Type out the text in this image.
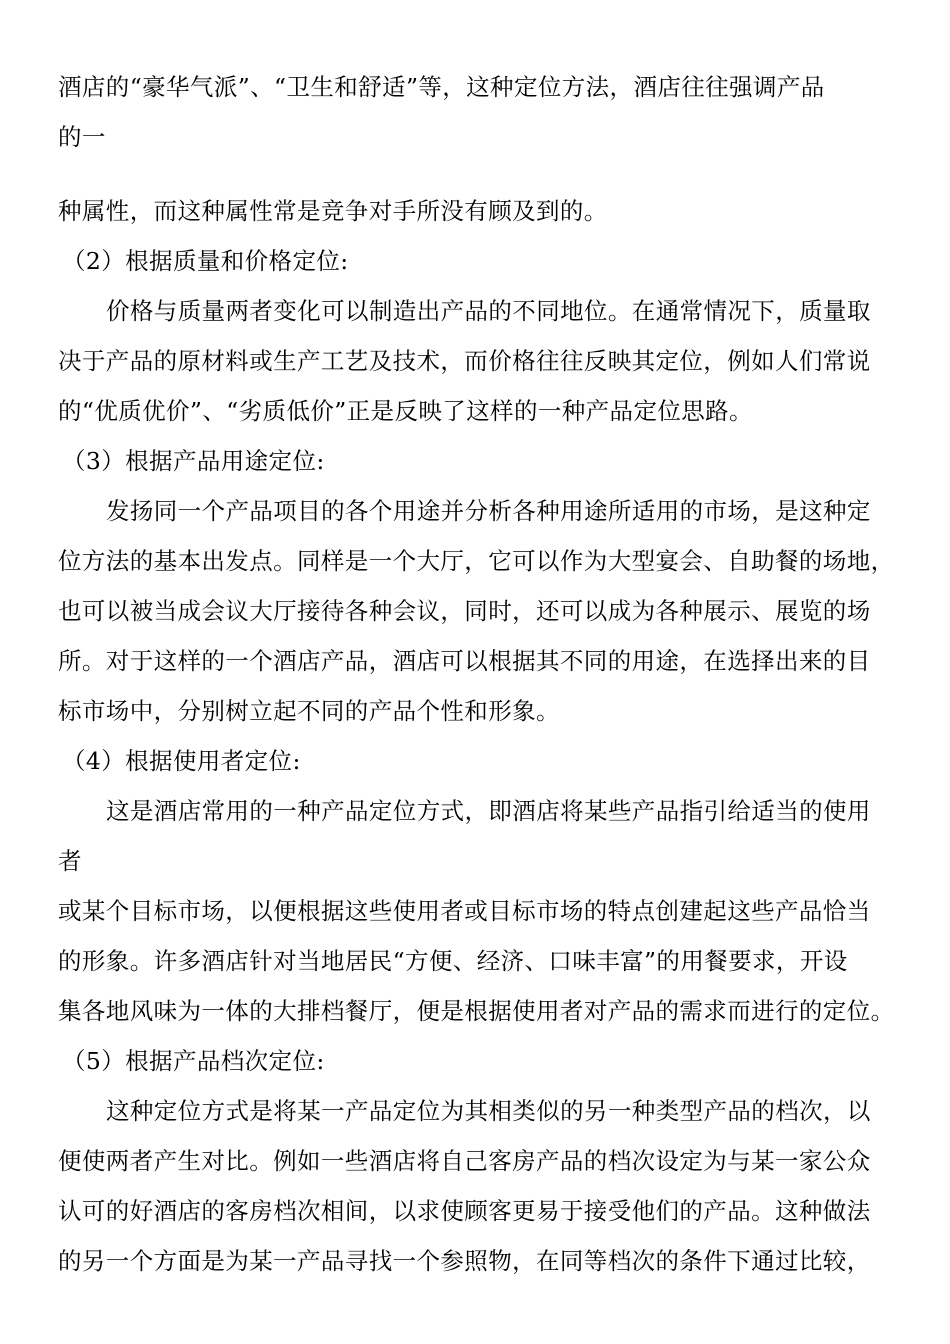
酒店的“豪华气派”、“卫生和舒适”等，这种定位方法，酒店往往强调产品
的一
种属性，而这种属性常是竞争对手所没有顾及到的。
（2）根据质量和价格定位:
价格与质量两者变化可以制造出产品的不同地位。在通常情况下，质量取
决于产品的原材料或生产工艺及技术，而价格往往反映其定位，例如人们常说
的“优质优价”、“劣质低价”正是反映了这样的一种产品定位思路。
（3）根据产品用途定位:
发扬同一个产品项目的各个用途并分析各种用途所适用的市场，是这种定
位方法的基本出发点。同样是一个大厅，它可以作为大型宴会、自助餐的场地，
也可以被当成会议大厅接待各种会议，同时，还可以成为各种展示、展览的场
所。对于这样的一个酒店产品，酒店可以根据其不同的用途，在选择出来的目
标市场中，分别树立起不同的产品个性和形象。
（4）根据使用者定位:
这是酒店常用的一种产品定位方式，即酒店将某些产品指引给适当的使用
者
或某个目标市场，以便根据这些使用者或目标市场的特点创建起这些产品恰当
的形象。许多酒店针对当地居民“方便、经济、口味丰富”的用餐要求，开设
集各地风味为一体的大排档餐厅，便是根据使用者对产品的需求而进行的定位。
（5）根据产品档次定位:
这种定位方式是将某一产品定位为其相类似的另一种类型产品的档次，以
便使两者产生对比。例如一些酒店将自己客房产品的档次设定为与某一家公众
认可的好酒店的客房档次相间，以求使顾客更易于接受他们的产品。这种做法
的另一个方面是为某一产品寻找一个参照物，在同等档次的条件下通过比较，
